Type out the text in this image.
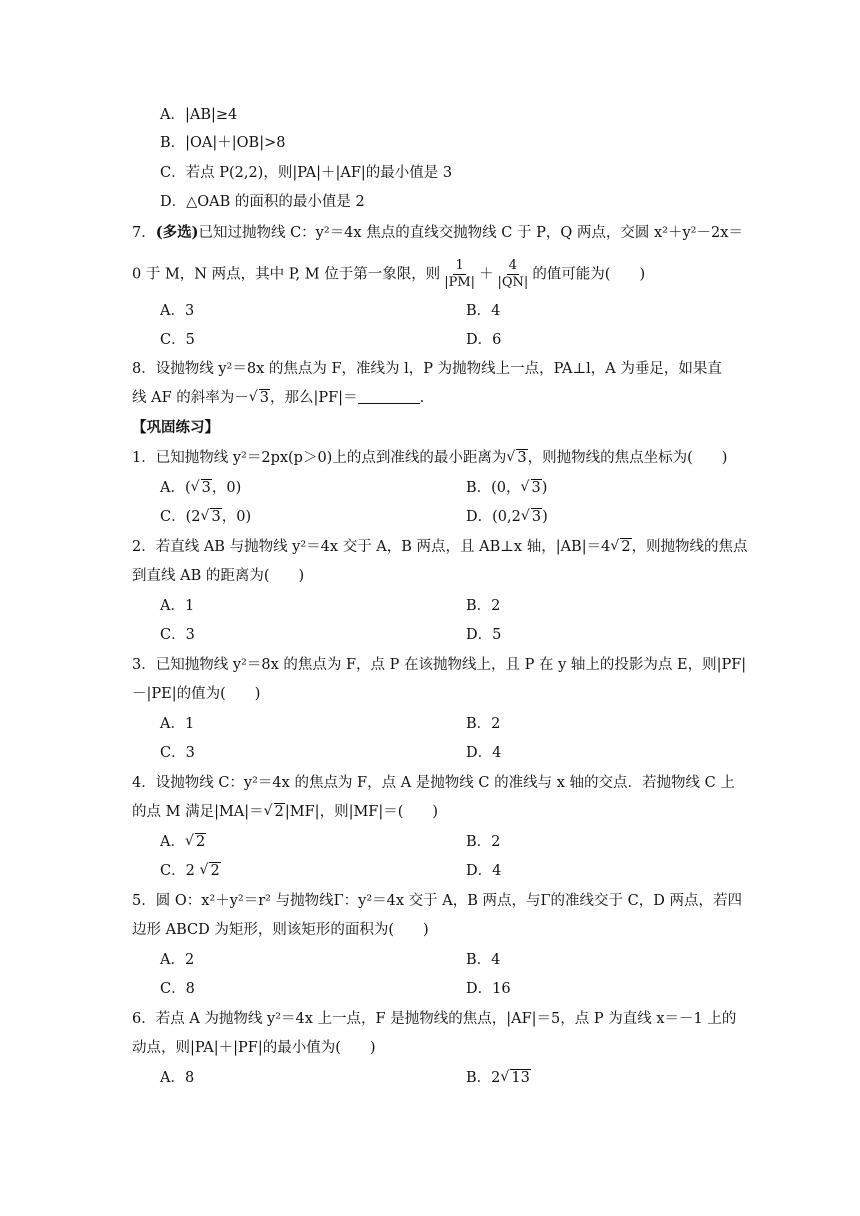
A．|AB|≥4
B．|OA|＋|OB|>8
C．若点 P(2,2)，则|PA|＋|AF|的最小值是 3
D．△OAB 的面积的最小值是 2
7．(多选)已知过抛物线 C：y²＝4x 焦点的直线交抛物线 C 于 P，Q 两点，交圆 x²＋y²－2x＝
0 于 M，N 两点，其中 P, M 位于第一象限，则 $\frac{1}{|PM|} + \frac{4}{|QN|}$ 的值可能为(　　)
A．3	B．4
C．5	D．6
8．设抛物线 y²＝8x 的焦点为 F，准线为 l，P 为抛物线上一点，PA⊥l，A 为垂足，如果直
线 AF 的斜率为－ √ 3，那么|PF|＝	.
【巩固练习】
1．已知抛物线 y²＝2px(p＞0)上的点到准线的最小距离为 √ 3，则抛物线的焦点坐标为(　　)
A．( √ 3，0)	B．(0， √ 3)
C．(2 √ 3，0)	D．(0,2 √ 3)
2．若直线 AB 与抛物线 y²＝4x 交于 A，B 两点，且 AB⊥x 轴，|AB|＝4 √ 2，则抛物线的焦点
到直线 AB 的距离为(　　)
A．1	B．2
C．3	D．5
3．已知抛物线 y²＝8x 的焦点为 F，点 P 在该抛物线上，且 P 在 y 轴上的投影为点 E，则|PF|
－|PE|的值为(　　)
A．1	B．2
C．3	D．4
4．设抛物线 C：y²＝4x 的焦点为 F，点 A 是抛物线 C 的准线与 x 轴的交点．若抛物线 C 上
的点 M 满足|MA|＝ √ 2|MF|，则|MF|＝(　　)
A． √ 2	B．2
C．2 √ 2	D．4
5．圆 O：x²＋y²＝r² 与抛物线Γ：y²＝4x 交于 A，B 两点，与Γ的准线交于 C，D 两点，若四
边形 ABCD 为矩形，则该矩形的面积为(　　)
A．2	B．4
C．8	D．16
6．若点 A 为抛物线 y²＝4x 上一点，F 是抛物线的焦点，|AF|＝5，点 P 为直线 x＝－1 上的
动点，则|PA|＋|PF|的最小值为(　　)
A．8	B．2 √ 13
